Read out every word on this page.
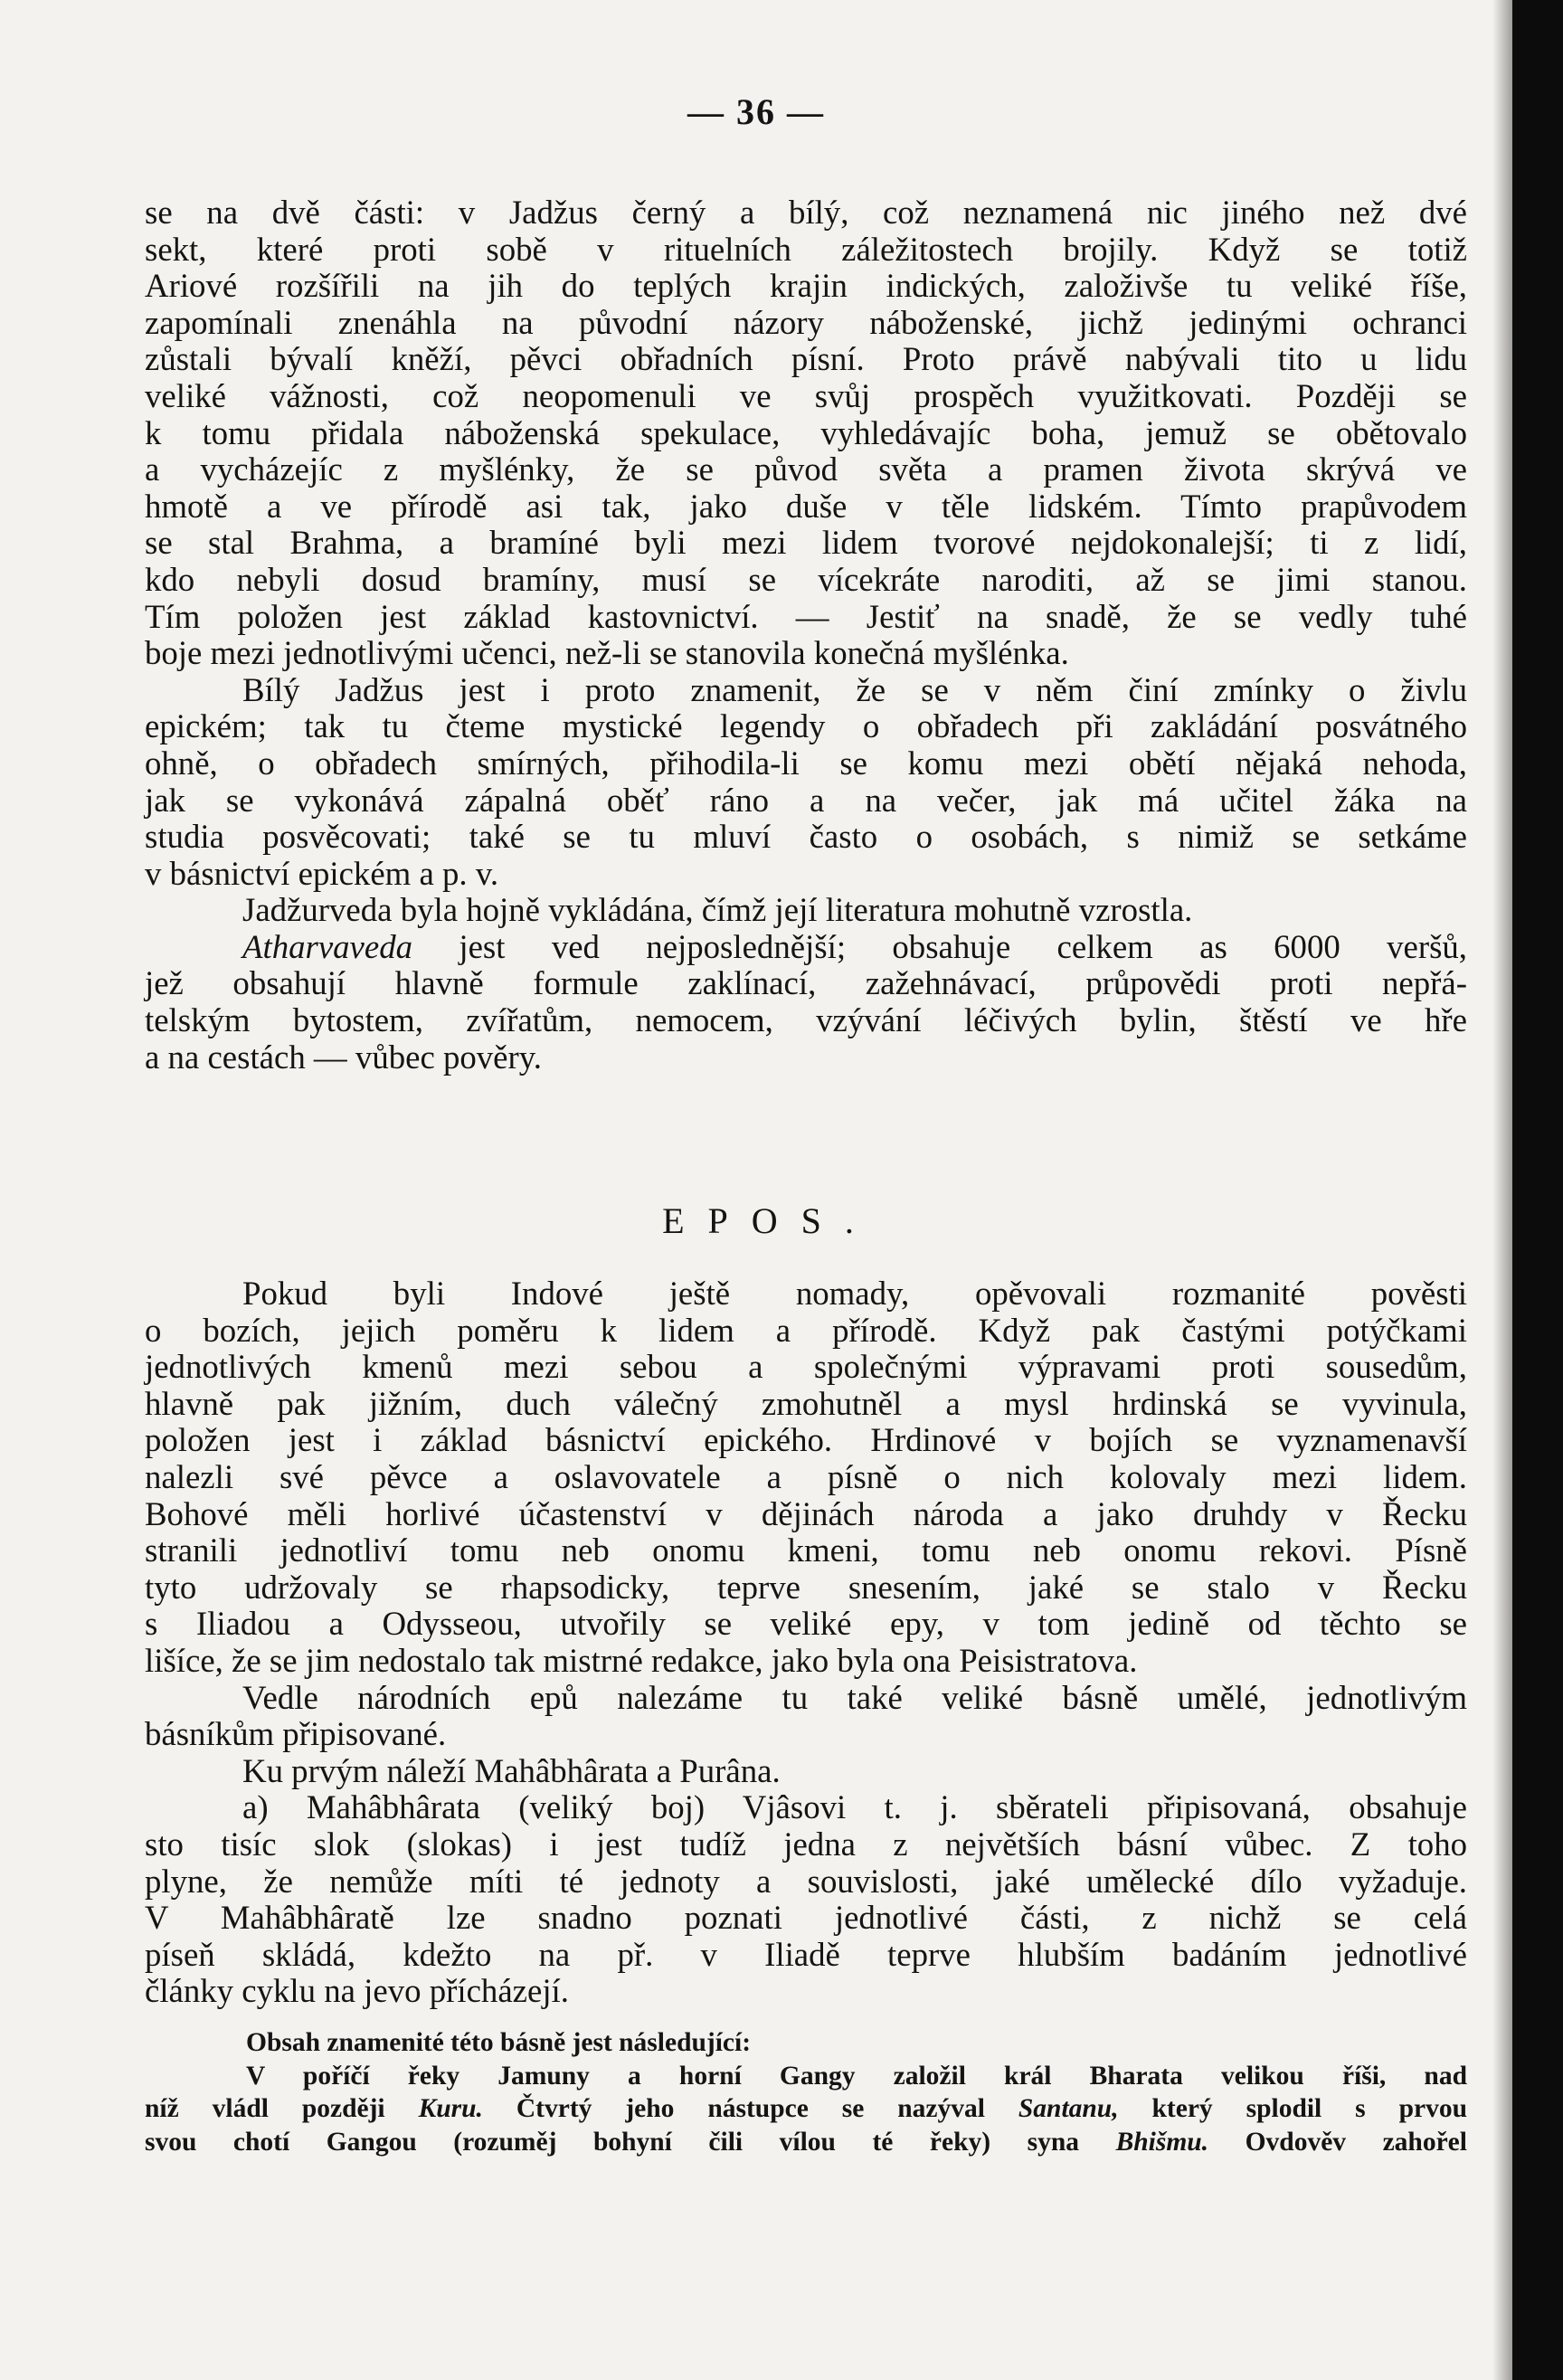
— 36 —

se na dvě části: v Jadžus černý a bílý, což neznamená nic jiného než dvé

sekt, které proti sobě v rituelních záležitostech brojily. Když se totiž

Ariové rozšířili na jih do teplých krajin indických, založivše tu veliké říše,

zapomínali znenáhla na původní názory náboženské, jichž jedinými ochranci

zůstali bývalí kněží, pěvci obřadních písní. Proto právě nabývali tito u lidu

veliké vážnosti, což neopomenuli ve svůj prospěch využitkovati. Později se

k tomu přidala náboženská spekulace, vyhledávajíc boha, jemuž se obětovalo

a vycházejíc z myšlénky, že se původ světa a pramen života skrývá ve

hmotě a ve přírodě asi tak, jako duše v těle lidském. Tímto prapůvodem

se stal Brahma, a bramíné byli mezi lidem tvorové nejdokonalejší; ti z lidí,

kdo nebyli dosud bramíny, musí se vícekráte naroditi, až se jimi stanou.

Tím položen jest základ kastovnictví. — Jestiť na snadě, že se vedly tuhé

boje mezi jednotlivými učenci, než-li se stanovila konečná myšlénka.

Bílý Jadžus jest i proto znamenit, že se v něm činí zmínky o živlu

epickém; tak tu čteme mystické legendy o obřadech při zakládání posvátného

ohně, o obřadech smírných, přihodila-li se komu mezi obětí nějaká nehoda,

jak se vykonává zápalná oběť ráno a na večer, jak má učitel žáka na

studia posvěcovati; také se tu mluví často o osobách, s nimiž se setkáme

v básnictví epickém a p. v.

Jadžurveda byla hojně vykládána, čímž její literatura mohutně vzrostla.

Atharvaveda jest ved nejposlednější; obsahuje celkem as 6000 veršů,

jež obsahují hlavně formule zaklínací, zažehnávací, průpovědi proti nepřá-

telským bytostem, zvířatům, nemocem, vzývání léčivých bylin, štěstí ve hře

a na cestách — vůbec pověry.

EPOS.

Pokud byli Indové ještě nomady, opěvovali rozmanité pověsti

o bozích, jejich poměru k lidem a přírodě. Když pak častými potýčkami

jednotlivých kmenů mezi sebou a společnými výpravami proti sousedům,

hlavně pak jižním, duch válečný zmohutněl a mysl hrdinská se vyvinula,

položen jest i základ básnictví epického. Hrdinové v bojích se vyznamenavší

nalezli své pěvce a oslavovatele a písně o nich kolovaly mezi lidem.

Bohové měli horlivé účastenství v dějinách národa a jako druhdy v Řecku

stranili jednotliví tomu neb onomu kmeni, tomu neb onomu rekovi. Písně

tyto udržovaly se rhapsodicky, teprve snesením, jaké se stalo v Řecku

s Iliadou a Odysseou, utvořily se veliké epy, v tom jedině od těchto se

lišíce, že se jim nedostalo tak mistrné redakce, jako byla ona Peisistratova.

Vedle národních epů nalezáme tu také veliké básně umělé, jednotlivým

básníkům připisované.

Ku prvým náleží Mahâbhârata a Purâna.

a) Mahâbhârata (veliký boj) Vjâsovi t. j. sběrateli připisovaná, obsahuje

sto tisíc slok (slokas) i jest tudíž jedna z největších básní vůbec. Z toho

plyne, že nemůže míti té jednoty a souvislosti, jaké umělecké dílo vyžaduje.

V Mahâbhâratě lze snadno poznati jednotlivé části, z nichž se celá

píseň skládá, kdežto na př. v Iliadě teprve hlubším badáním jednotlivé

články cyklu na jevo přícházejí.

Obsah znamenité této básně jest následující:

V poříčí řeky Jamuny a horní Gangy založil král Bharata velikou říši, nad

níž vládl později Kuru. Čtvrtý jeho nástupce se nazýval Santanu, který splodil s prvou

svou chotí Gangou (rozuměj bohyní čili vílou té řeky) syna Bhišmu. Ovdověv zahořel
